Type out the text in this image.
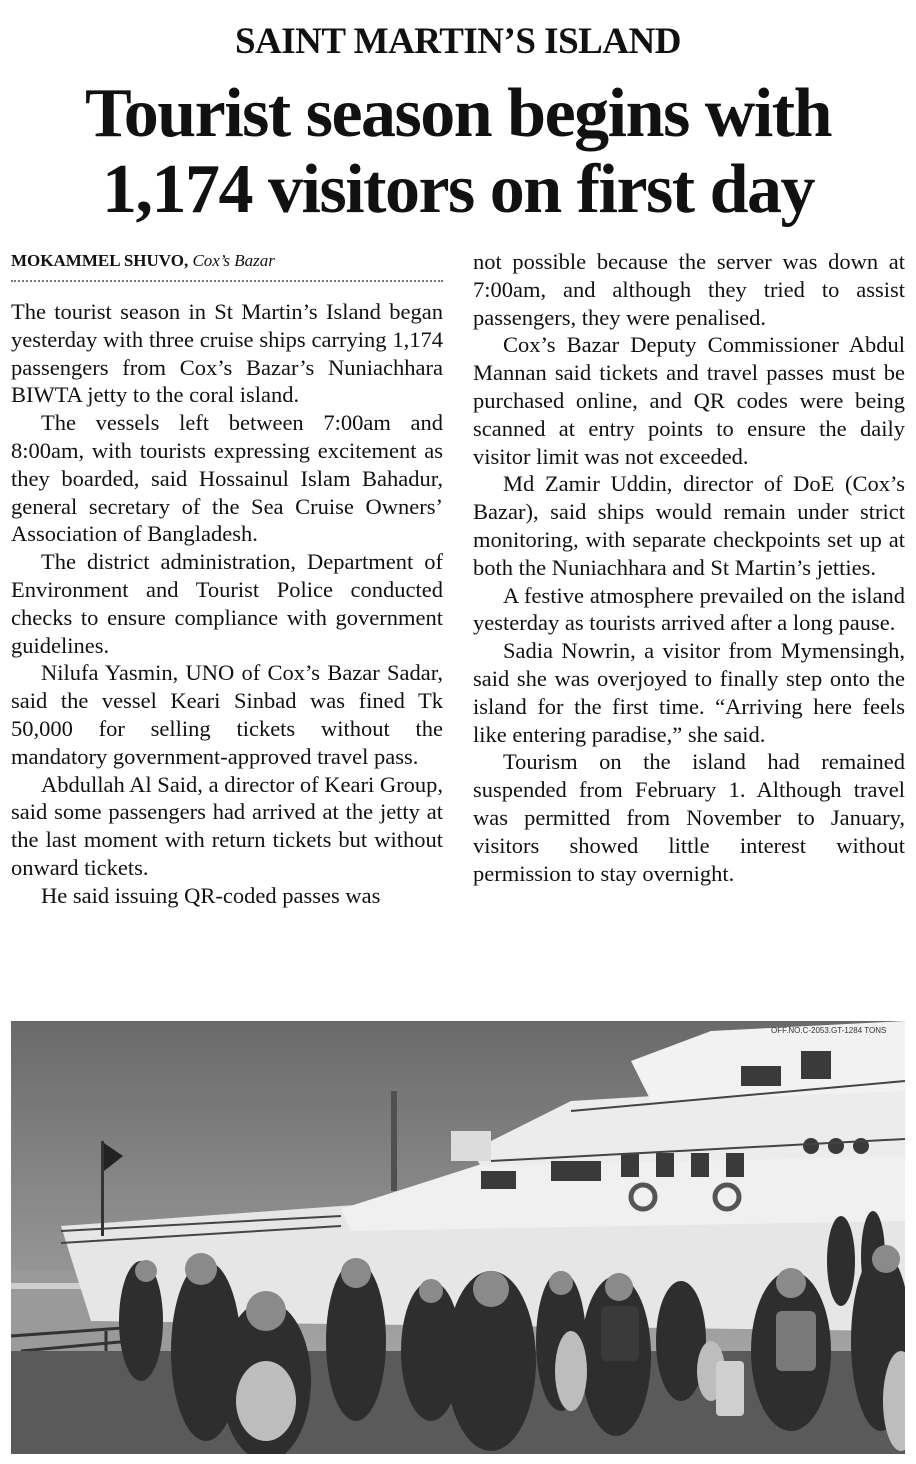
SAINT MARTIN’S ISLAND
Tourist season begins with
1,174 visitors on first day
MOKAMMEL SHUVO, Cox’s Bazar

The tourist season in St Martin’s Island began yesterday with three cruise ships carrying 1,174 passengers from Cox’s Bazar’s Nuniachhara BIWTA jetty to the coral island.

The vessels left between 7:00am and 8:00am, with tourists expressing excitement as they boarded, said Hossainul Islam Bahadur, general secretary of the Sea Cruise Owners’ Association of Bangladesh.

The district administration, Department of Environment and Tourist Police conducted checks to ensure compliance with government guidelines.

Nilufa Yasmin, UNO of Cox’s Bazar Sadar, said the vessel Keari Sinbad was fined Tk 50,000 for selling tickets without the mandatory government-approved travel pass.

Abdullah Al Said, a director of Keari Group, said some passengers had arrived at the jetty at the last moment with return tickets but without onward tickets.

He said issuing QR-coded passes was

not possible because the server was down at 7:00am, and although they tried to assist passengers, they were penalised.

Cox’s Bazar Deputy Commissioner Abdul Mannan said tickets and travel passes must be purchased online, and QR codes were being scanned at entry points to ensure the daily visitor limit was not exceeded.

Md Zamir Uddin, director of DoE (Cox’s Bazar), said ships would remain under strict monitoring, with separate checkpoints set up at both the Nuniachhara and St Martin’s jetties.

A festive atmosphere prevailed on the island yesterday as tourists arrived after a long pause.

Sadia Nowrin, a visitor from Mymensingh, said she was overjoyed to finally step onto the island for the first time. “Arriving here feels like entering paradise,” she said.

Tourism on the island had remained suspended from February 1. Although travel was permitted from November to January, visitors showed little interest without permission to stay overnight.

OFF.NO.C-2053.GT-1284 TONS
